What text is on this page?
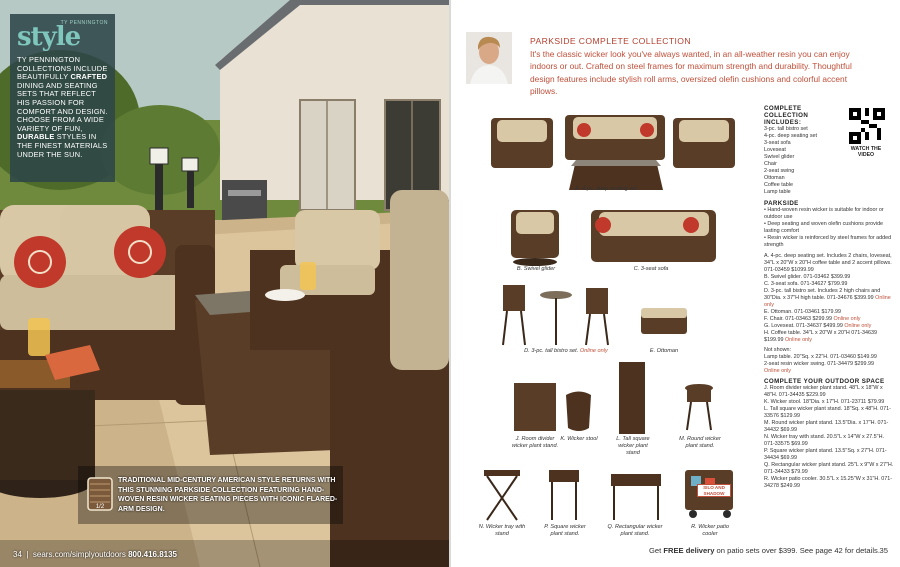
TY PENNINGTON
style
TY PENNINGTON COLLECTIONS INCLUDE BEAUTIFULLY CRAFTED DINING AND SEATING SETS THAT REFLECT HIS PASSION FOR COMFORT AND DESIGN. CHOOSE FROM A WIDE VARIETY OF FUN, DURABLE STYLES IN THE FINEST MATERIALS UNDER THE SUN.
1/2
TRADITIONAL MID-CENTURY AMERICAN STYLE RETURNS WITH THIS STUNNING PARKSIDE COLLECTION FEATURING HAND-WOVEN RESIN WICKER SEATING PIECES WITH ICONIC FLARED-ARM DESIGN.
34  |  sears.com/simplyoutdoors 800.416.8135
PARKSIDE COMPLETE COLLECTION
It's the classic wicker look you've always wanted, in an all-weather resin you can enjoy indoors or out. Crafted on steel frames for maximum strength and durability. Thoughtful design features include stylish roll arms, oversized olefin cushions and colorful accent pillows.
A. 4-pc. deep seating set
B. Swivel glider	C. 3-seat sofa
D. 3-pc. tall bistro set. Online only	E. Ottoman
J. Room divider wicker plant stand.
K. Wicker stool	L. Tall square wicker plant stand
M. Round wicker plant stand.
N. Wicker tray with stand
P. Square wicker plant stand.
Q. Rectangular wicker plant stand.
R. Wicker patio cooler
SILO AND SHADOW
WATCH THE VIDEO
COMPLETE COLLECTION INCLUDES:
3-pc. tall bistro set
4-pc. deep seating set
3-seat sofa
Loveseat
Swivel glider
Chair
2-seat swing
Ottoman
Coffee table
Lamp table
PARKSIDE
• Hand-woven resin wicker is suitable for indoor or outdoor use
• Deep seating and woven olefin cushions provide lasting comfort
• Resin wicker is reinforced by steel frames for added strength
A. 4-pc. deep seating set. Includes 2 chairs, loveseat, 34"L x 20"W x 20"H coffee table and 2 accent pillows. 071-03459 $1099.99
B. Swivel glider. 071-03462 $399.99
C. 3-seat sofa. 071-34627 $799.99
D. 3-pc. tall bistro set. Includes 2 high chairs and 30"Dia. x 37"H high table. 071-34676 $399.99 Online only
E. Ottoman. 071-03461 $179.99
F. Chair. 071-03463 $299.99 Online only
G. Loveseat. 071-34637 $499.99 Online only
H. Coffee table. 34"L x 20"W x 20"H 071-34639 $199.99 Online only
Not shown:
Lamp table. 20"Sq. x 22"H. 071-03460 $149.99
2-seat resin wicker swing. 071-34479 $299.99
Online only
COMPLETE YOUR OUTDOOR SPACE
J. Room divider wicker plant stand. 48"L x 18"W x 48"H. 071-34435 $229.99
K. Wicker stool. 18"Dia. x 17"H. 071-23711 $79.99
L. Tall square wicker plant stand. 18"Sq. x 48"H. 071-33576 $129.99
M. Round wicker plant stand. 13.5"Dia. x 17"H. 071-34432 $69.99
N. Wicker tray with stand. 20.5"L x 14"W x 27.5"H. 071-33575 $69.99
P. Square wicker plant stand. 13.5"Sq. x 27"H. 071-34434 $69.99
Q. Rectangular wicker plant stand. 25"L x 9"W x 27"H. 071-34433 $79.99
R. Wicker patio cooler. 30.5"L x 15.25"W x 31"H. 071-34278 $249.99
Get FREE delivery on patio sets over $399. See page 42 for details. 35
